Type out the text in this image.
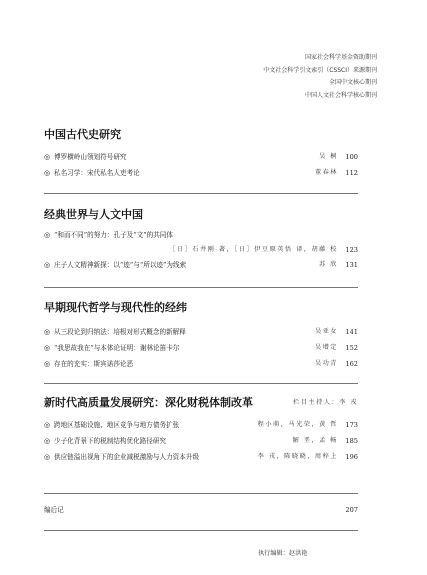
国家社会科学基金资助期刊
中文社会科学引文索引（CSSCI）来源期刊
全国中文核心期刊
中国人文社会科学核心期刊
中国古代史研究
◎ 博罗横岭山领划符号研究	吴 桐 100
◎ 私名习学：宋代私名人吏考论	董春林 112
经典世界与人文中国
◎ “和而不同”的努力：孔子及“文”的共同体
［日］石井刚 著，［日］伊豆原英悟 译，胡藤 校 123
◎ 庄子人文精神新探：以“迹”与“所以迹”为线索	苏 欣 131
早期现代哲学与现代性的经纬
◎ 从三段论到归纳法：培根对形式概念的新解释	吴亚女 141
◎ “我思故我在”与本体论证明：谢林论笛卡尔	吴增定 152
◎ 存在的充实：斯宾诺莎论恶	吴功青 162
新时代高质量发展研究：深化财税体制改革	栏目主持人：李 戎
◎ 跨地区基础设施、地区竞争与地方债务扩张	程小萌，马光荣，黄 哲 173
◎ 少子化背景下的税制结构优化路径研究	解 垩，孟 畅 185
◎ 供应链溢出视角下的企业减税激励与人力资本升级	李 戎，陈晓晓，周梓上 196
编后记	207
执行编辑：赵洪艳
